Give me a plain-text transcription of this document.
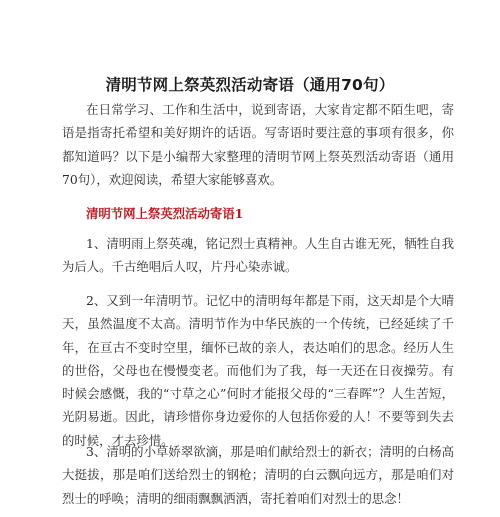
清明节网上祭英烈活动寄语（通用70句）

在日常学习、工作和生活中，说到寄语，大家肯定都不陌生吧，寄语是指寄托希望和美好期许的话语。写寄语时要注意的事项有很多，你都知道吗？以下是小编帮大家整理的清明节网上祭英烈活动寄语（通用70句），欢迎阅读，希望大家能够喜欢。

清明节网上祭英烈活动寄语1

1、清明雨上祭英魂，铭记烈士真精神。人生自古谁无死，牺牲自我为后人。千古绝唱后人叹，片丹心染赤诚。

2、又到一年清明节。记忆中的清明每年都是下雨，这天却是个大晴天，虽然温度不太高。清明节作为中华民族的一个传统，已经延续了千年，在亘古不变时空里，缅怀已故的亲人，表达咱们的思念。经历人生的世俗，父母也在慢慢变老。而他们为了我，每一天还在日夜操劳。有时候会感慨，我的“寸草之心”何时才能报父母的“三春晖”？人生苦短，光阴易逝。因此，请珍惜你身边爱你的人包括你爱的人！不要等到失去的时候，才去珍惜。

3、清明的小草娇翠欲滴，那是咱们献给烈士的新衣；清明的白杨高大挺拔，那是咱们送给烈士的钢枪；清明的白云飘向远方，那是咱们对烈士的呼唤；清明的细雨飘飘洒洒，寄托着咱们对烈士的思念！
